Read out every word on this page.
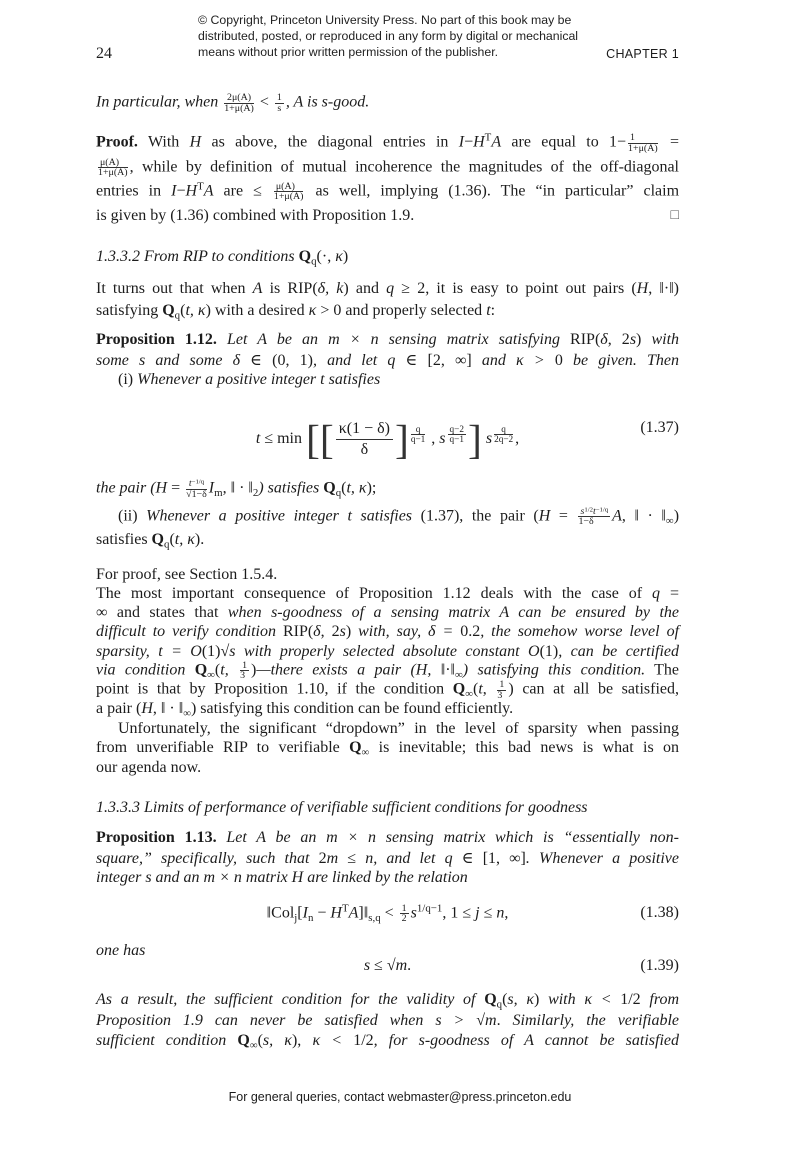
© Copyright, Princeton University Press. No part of this book may be
distributed, posted, or reproduced in any form by digital or mechanical
means without prior written permission of the publisher.
24	CHAPTER 1
In particular, when $\frac{2\mu(A)}{1+\mu(A)} < \frac{1}{s}$ , A is s-good.
Proof. With H as above, the diagonal entries in $I-H^TA$ are equal to $1- \frac{1}{1+\mu(A)}$ =
$\frac{\mu(A)}{1+\mu(A)}$ , while by definition of mutual incoherence the magnitudes of the off-diagonal
entries in $I-H^TA$ are ≤ $\frac{\mu(A)}{1+\mu(A)}$ as well, implying (1.36). The “in particular” claim
is given by (1.36) combined with Proposition 1.9.	□
1.3.3.2 From RIP to conditions $Q_q(\cdot$, κ)
It turns out that when A is RIP(δ, k) and q ≥ 2, it is easy to point out pairs (H, ‖·‖)
satisfying $Q_q(t$, κ) with a desired κ > 0 and properly selected t:
Proposition 1.12. Let A be an m × n sensing matrix satisfying RIP(δ, 2s) with
some s and some δ ∈ (0, 1), and let q ∈ [2, ∞] and κ > 0 be given. Then
(i) Whenever a positive integer t satisfies
t ≤ min [[ $\frac{\kappa(1 - \delta)}{\delta}$ ] $^{\frac{q}{q-1}}$ , s $^{\frac{q-2}{q-1}}$ ] s $^{\frac{q}{2q-2}}$ ,
(1.37)
the pair ($H = \frac{t^{-1/q}}{√1-\delta} I_m$, ‖ · $‖_2$) satisfies $Q_q(t$, κ);
(ii) Whenever a positive integer t satisfies (1.37), the pair ($H = \frac{s^{1/2}t^{-1/q}}{1-\delta} A$, ‖ · $‖_\infty$)
satisfies $Q_q(t$, κ).
For proof, see Section 1.5.4.
The most important consequence of Proposition 1.12 deals with the case of q =
∞ and states that when s-goodness of a sensing matrix A can be ensured by the
difficult to verify condition RIP(δ, 2s) with, say, δ = 0.2, the somehow worse level of
sparsity, t = O(1)√s with properly selected absolute constant O(1), can be certified
via condition $Q_\infty(t$, $\frac{1}{3}$ )—there exists a pair (H, $‖\cdot‖_\infty$) satisfying this condition. The
point is that by Proposition 1.10, if the condition $Q_\infty(t$, $\frac{1}{3}$ ) can at all be satisfied,
a pair (H, ‖ · $‖_\infty$) satisfying this condition can be found efficiently.
Unfortunately, the significant “dropdown” in the level of sparsity when passing
from unverifiable RIP to verifiable $Q_\infty$ is inevitable; this bad news is what is on
our agenda now.
1.3.3.3 Limits of performance of verifiable sufficient conditions for goodness
Proposition 1.13. Let A be an m × n sensing matrix which is “essentially non-
square,” specifically, such that 2m ≤ n, and let q ∈ [1, ∞]. Whenever a positive
integer s and an m × n matrix H are linked by the relation
$‖Col_j[I_n$ − $H^TA]‖_{s,q} < \frac{1}{2} s^{1/q-1}$, 1 ≤ j ≤ n,	(1.38)
one has
s ≤ √m.	(1.39)
As a result, the sufficient condition for the validity of $Q_q(s$, κ) with κ < 1/2 from
Proposition 1.9 can never be satisfied when s > √m. Similarly, the verifiable
sufficient condition $Q_\infty(s$, κ), κ < 1/2, for s-goodness of A cannot be satisfied
For general queries, contact webmaster@press.princeton.edu
